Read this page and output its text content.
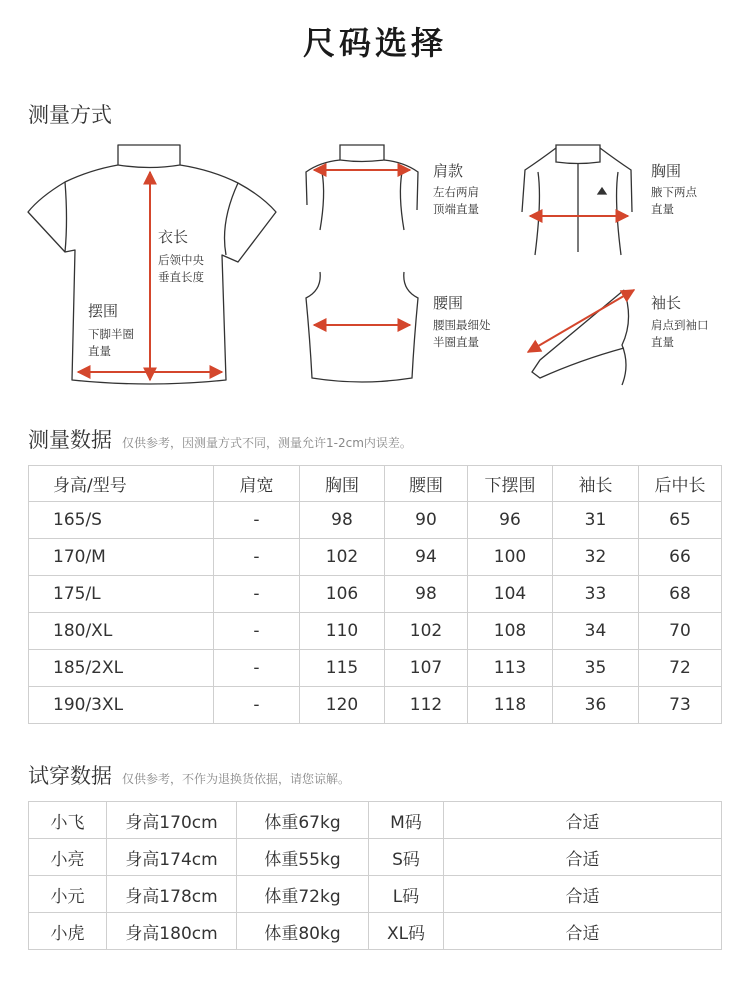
尺码选择
测量方式
衣长
后领中央
垂直长度
摆围
下脚半圈
直量
肩款
左右两肩
顶端直量
胸围
腋下两点
直量
腰围
腰围最细处
半圈直量
袖长
肩点到袖口
直量
测量数据 仅供参考，因测量方式不同，测量允许1-2cm内误差。
身高/型号	肩宽	胸围	腰围	下摆围	袖长	后中长
165/S	-	98	90	96	31	65
170/M	-	102	94	100	32	66
175/L	-	106	98	104	33	68
180/XL	-	110	102	108	34	70
185/2XL	-	115	107	113	35	72
190/3XL	-	120	112	118	36	73
试穿数据 仅供参考，不作为退换货依据，请您谅解。
小飞	身高170cm	体重67kg	M码	合适
小亮	身高174cm	体重55kg	S码	合适
小元	身高178cm	体重72kg	L码	合适
小虎	身高180cm	体重80kg	XL码	合适
